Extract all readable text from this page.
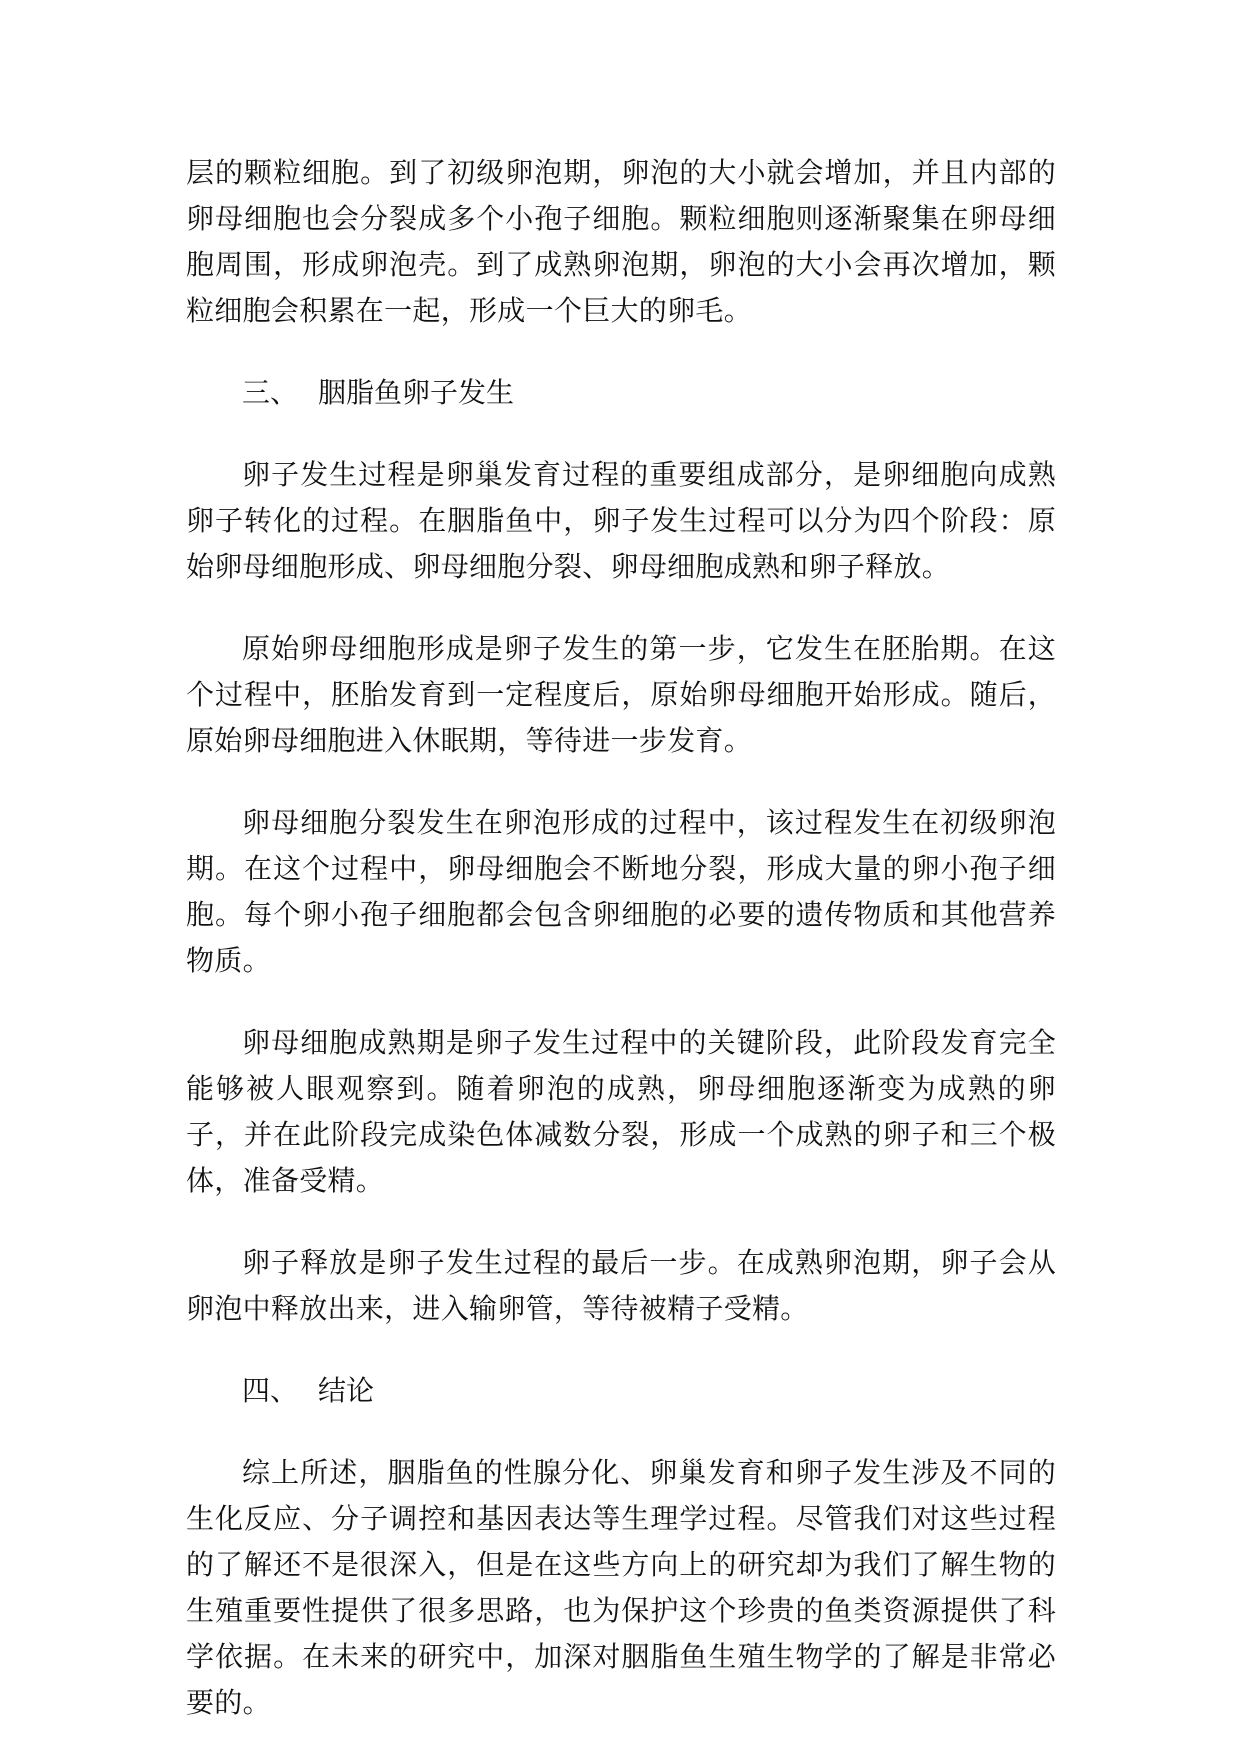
层的颗粒细胞。到了初级卵泡期，卵泡的大小就会增加，并且内部的卵母细胞也会分裂成多个小孢子细胞。颗粒细胞则逐渐聚集在卵母细胞周围，形成卵泡壳。到了成熟卵泡期，卵泡的大小会再次增加，颗粒细胞会积累在一起，形成一个巨大的卵毛。

三、 胭脂鱼卵子发生

卵子发生过程是卵巢发育过程的重要组成部分，是卵细胞向成熟卵子转化的过程。在胭脂鱼中，卵子发生过程可以分为四个阶段：原始卵母细胞形成、卵母细胞分裂、卵母细胞成熟和卵子释放。

原始卵母细胞形成是卵子发生的第一步，它发生在胚胎期。在这个过程中，胚胎发育到一定程度后，原始卵母细胞开始形成。随后，原始卵母细胞进入休眠期，等待进一步发育。

卵母细胞分裂发生在卵泡形成的过程中，该过程发生在初级卵泡期。在这个过程中，卵母细胞会不断地分裂，形成大量的卵小孢子细胞。每个卵小孢子细胞都会包含卵细胞的必要的遗传物质和其他营养物质。

卵母细胞成熟期是卵子发生过程中的关键阶段，此阶段发育完全能够被人眼观察到。随着卵泡的成熟，卵母细胞逐渐变为成熟的卵子，并在此阶段完成染色体减数分裂，形成一个成熟的卵子和三个极体，准备受精。

卵子释放是卵子发生过程的最后一步。在成熟卵泡期，卵子会从卵泡中释放出来，进入输卵管，等待被精子受精。

四、 结论

综上所述，胭脂鱼的性腺分化、卵巢发育和卵子发生涉及不同的生化反应、分子调控和基因表达等生理学过程。尽管我们对这些过程的了解还不是很深入，但是在这些方向上的研究却为我们了解生物的生殖重要性提供了很多思路，也为保护这个珍贵的鱼类资源提供了科学依据。在未来的研究中，加深对胭脂鱼生殖生物学的了解是非常必要的。
